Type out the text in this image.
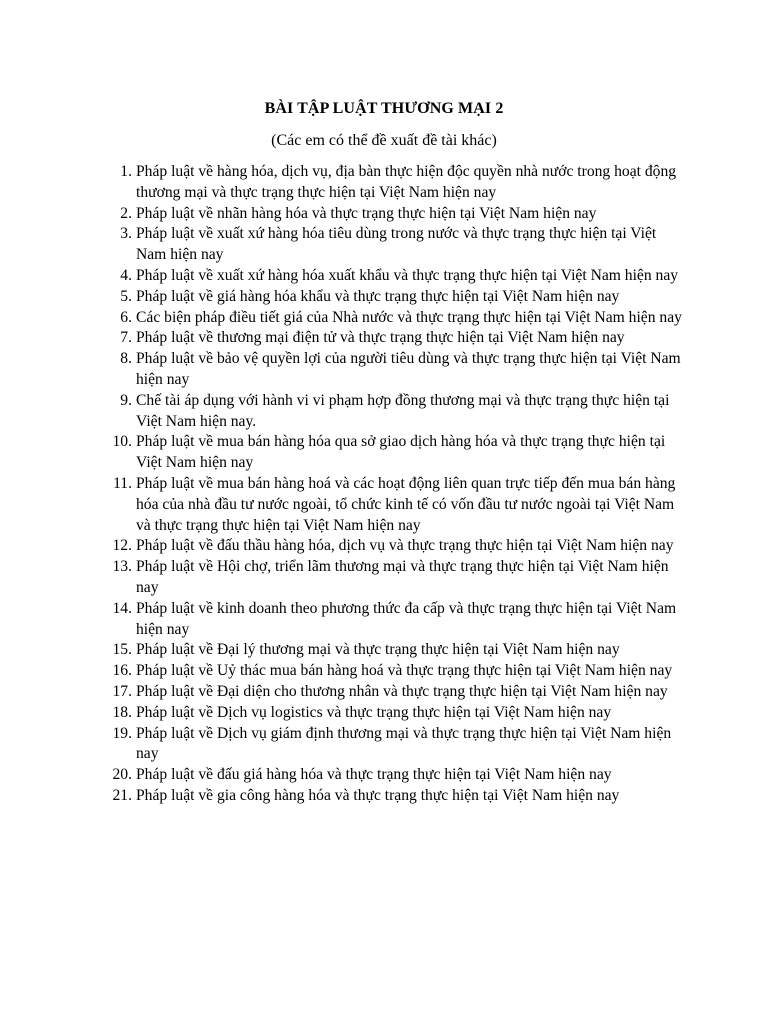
BÀI TẬP LUẬT THƯƠNG MẠI 2
(Các em có thể đề xuất đề tài khác)
1. Pháp luật về hàng hóa, dịch vụ, địa bàn thực hiện độc quyền nhà nước trong hoạt động thương mại và thực trạng thực hiện tại Việt Nam hiện nay
2. Pháp luật về nhãn hàng hóa và thực trạng thực hiện tại Việt Nam hiện nay
3. Pháp luật về xuất xứ hàng hóa tiêu dùng trong nước và thực trạng thực hiện tại Việt Nam hiện nay
4. Pháp luật về xuất xứ hàng hóa xuất khẩu và thực trạng thực hiện tại Việt Nam hiện nay
5. Pháp luật về giá hàng hóa khẩu và thực trạng thực hiện tại Việt Nam hiện nay
6. Các biện pháp điều tiết giá của Nhà nước và thực trạng thực hiện tại Việt Nam hiện nay
7. Pháp luật về thương mại điện tử và thực trạng thực hiện tại Việt Nam hiện nay
8. Pháp luật về bảo vệ quyền lợi của người tiêu dùng và thực trạng thực hiện tại Việt Nam hiện nay
9. Chế tài áp dụng với hành vi vi phạm hợp đồng thương mại và thực trạng thực hiện tại Việt Nam hiện nay.
10. Pháp luật về mua bán hàng hóa qua sở giao dịch hàng hóa và thực trạng thực hiện tại Việt Nam hiện nay
11. Pháp luật về mua bán hàng hoá và các hoạt động liên quan trực tiếp đến mua bán hàng hóa của nhà đầu tư nước ngoài, tổ chức kinh tế có vốn đầu tư nước ngoài tại Việt Nam và thực trạng thực hiện tại Việt Nam hiện nay
12. Pháp luật về đấu thầu hàng hóa, dịch vụ và thực trạng thực hiện tại Việt Nam hiện nay
13. Pháp luật về Hội chợ, triển lãm thương mại và thực trạng thực hiện tại Việt Nam hiện nay
14. Pháp luật về kinh doanh theo phương thức đa cấp và thực trạng thực hiện tại Việt Nam hiện nay
15. Pháp luật về Đại lý thương mại và thực trạng thực hiện tại Việt Nam hiện nay
16. Pháp luật về Uỷ thác mua bán hàng hoá và thực trạng thực hiện tại Việt Nam hiện nay
17. Pháp luật về Đại diện cho thương nhân và thực trạng thực hiện tại Việt Nam hiện nay
18. Pháp luật về Dịch vụ logistics và thực trạng thực hiện tại Việt Nam hiện nay
19. Pháp luật về Dịch vụ giám định thương mại và thực trạng thực hiện tại Việt Nam hiện nay
20. Pháp luật về đấu giá hàng hóa và thực trạng thực hiện tại Việt Nam hiện nay
21. Pháp luật về gia công hàng hóa và thực trạng thực hiện tại Việt Nam hiện nay
